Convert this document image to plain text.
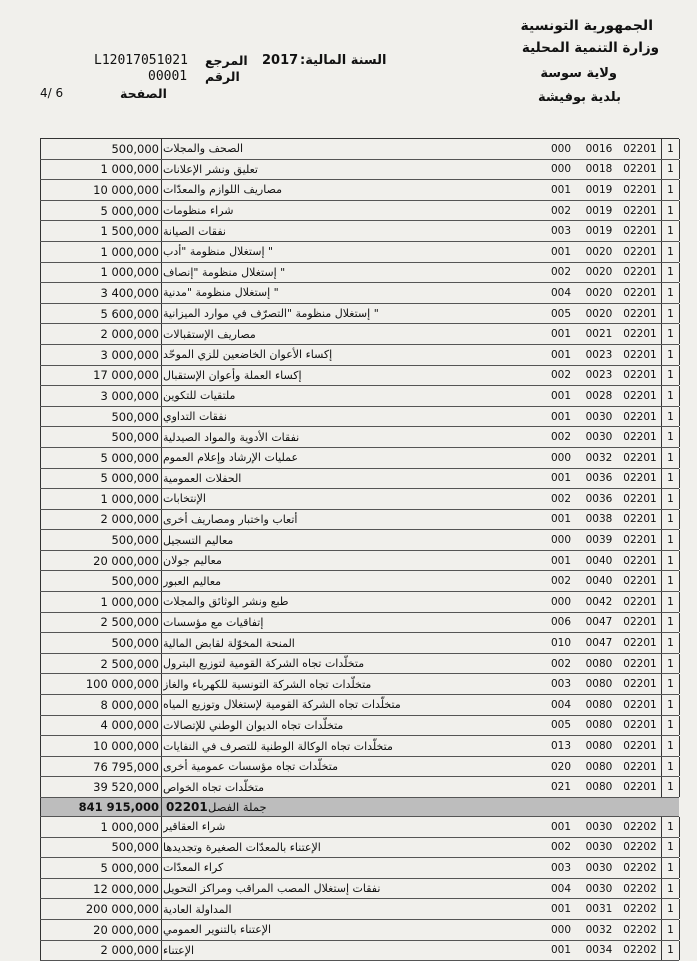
الجمهورية التونسية
وزارة التنمية المحلية
ولاية سوسة
بلدية بوفيشة
السنة المالية:
2017
المرجع
L12017051021
الرقم
00001
الصفحة
4/ 6
500,000 الصحف والمجلات	000	0016	02201 1
1 000,000 تعليق ونشر الإعلانات	000	0018	02201 1
10 000,000 مصاريف اللوازم والمعدّات	001	0019	02201 1
5 000,000 شراء منظومات	002	0019	02201 1
1 500,000 نفقات الصيانة	003	0019	02201 1
1 000,000 " إستغلال منظومة "أدب	001	0020	02201 1
1 000,000 " إستغلال منظومة "إنصاف	002	0020	02201 1
3 400,000 " إستغلال منظومة "مدنية	004	0020	02201 1
5 600,000 " إستغلال منظومة "التصرّف في موارد الميزانية	005	0020	02201 1
2 000,000 مصاريف الإستقبالات	001	0021	02201 1
3 000,000 إكساء الأعوان الخاضعين للزي الموحّد	001	0023	02201 1
17 000,000 إكساء العملة وأعوان الإستقبال	002	0023	02201 1
3 000,000 ملتقيات للتكوين	001	0028	02201 1
500,000 نفقات التداوي	001	0030	02201 1
500,000 نفقات الأدوية والمواد الصيدلية	002	0030	02201 1
5 000,000 عمليات الإرشاد وإعلام العموم	000	0032	02201 1
5 000,000 الحفلات العمومية	001	0036	02201 1
1 000,000 الإنتخابات	002	0036	02201 1
2 000,000 أتعاب واختبار ومصاريف أخرى	001	0038	02201 1
500,000 معاليم التسجيل	000	0039	02201 1
20 000,000 معاليم جولان	001	0040	02201 1
500,000 معاليم العبور	002	0040	02201 1
1 000,000 طبع ونشر الوثائق والمجلات	000	0042	02201 1
2 500,000 إتفاقيات مع مؤسسات	006	0047	02201 1
500,000 المنحة المخوّلة لقابض المالية	010	0047	02201 1
2 500,000 متخلّدات تجاه الشركة القومية لتوزيع البترول	002	0080	02201 1
100 000,000 متخلّدات تجاه الشركة التونسية للكهرباء والغاز	003	0080	02201 1
8 000,000 متخلّدات تجاه الشركة القومية لإستغلال وتوزيع المياه	004	0080	02201 1
4 000,000 متخلّدات تجاه الديوان الوطني للإتصالات	005	0080	02201 1
10 000,000 متخلّدات تجاه الوكالة الوطنية للتصرف في النفايات	013	0080	02201 1
76 795,000 متخلّدات تجاه مؤسسات عمومية أخرى	020	0080	02201 1
39 520,000 متخلّدات تجاه الخواص	021	0080	02201 1
841 915,000 02201 جملة الفصل
1 000,000 شراء العقاقير	001	0030	02202 1
500,000 الإعتناء بالمعدّات الصغيرة وتجديدها	002	0030	02202 1
5 000,000 كراء المعدّات	003	0030	02202 1
12 000,000 نفقات إستغلال المصب المراقب ومراكز التحويل	004	0030	02202 1
200 000,000 المداولة العادية	001	0031	02202 1
20 000,000 الإعتناء بالتنوير العمومي	000	0032	02202 1
2 000,000 الإعتناء	001	0034	02202 1
